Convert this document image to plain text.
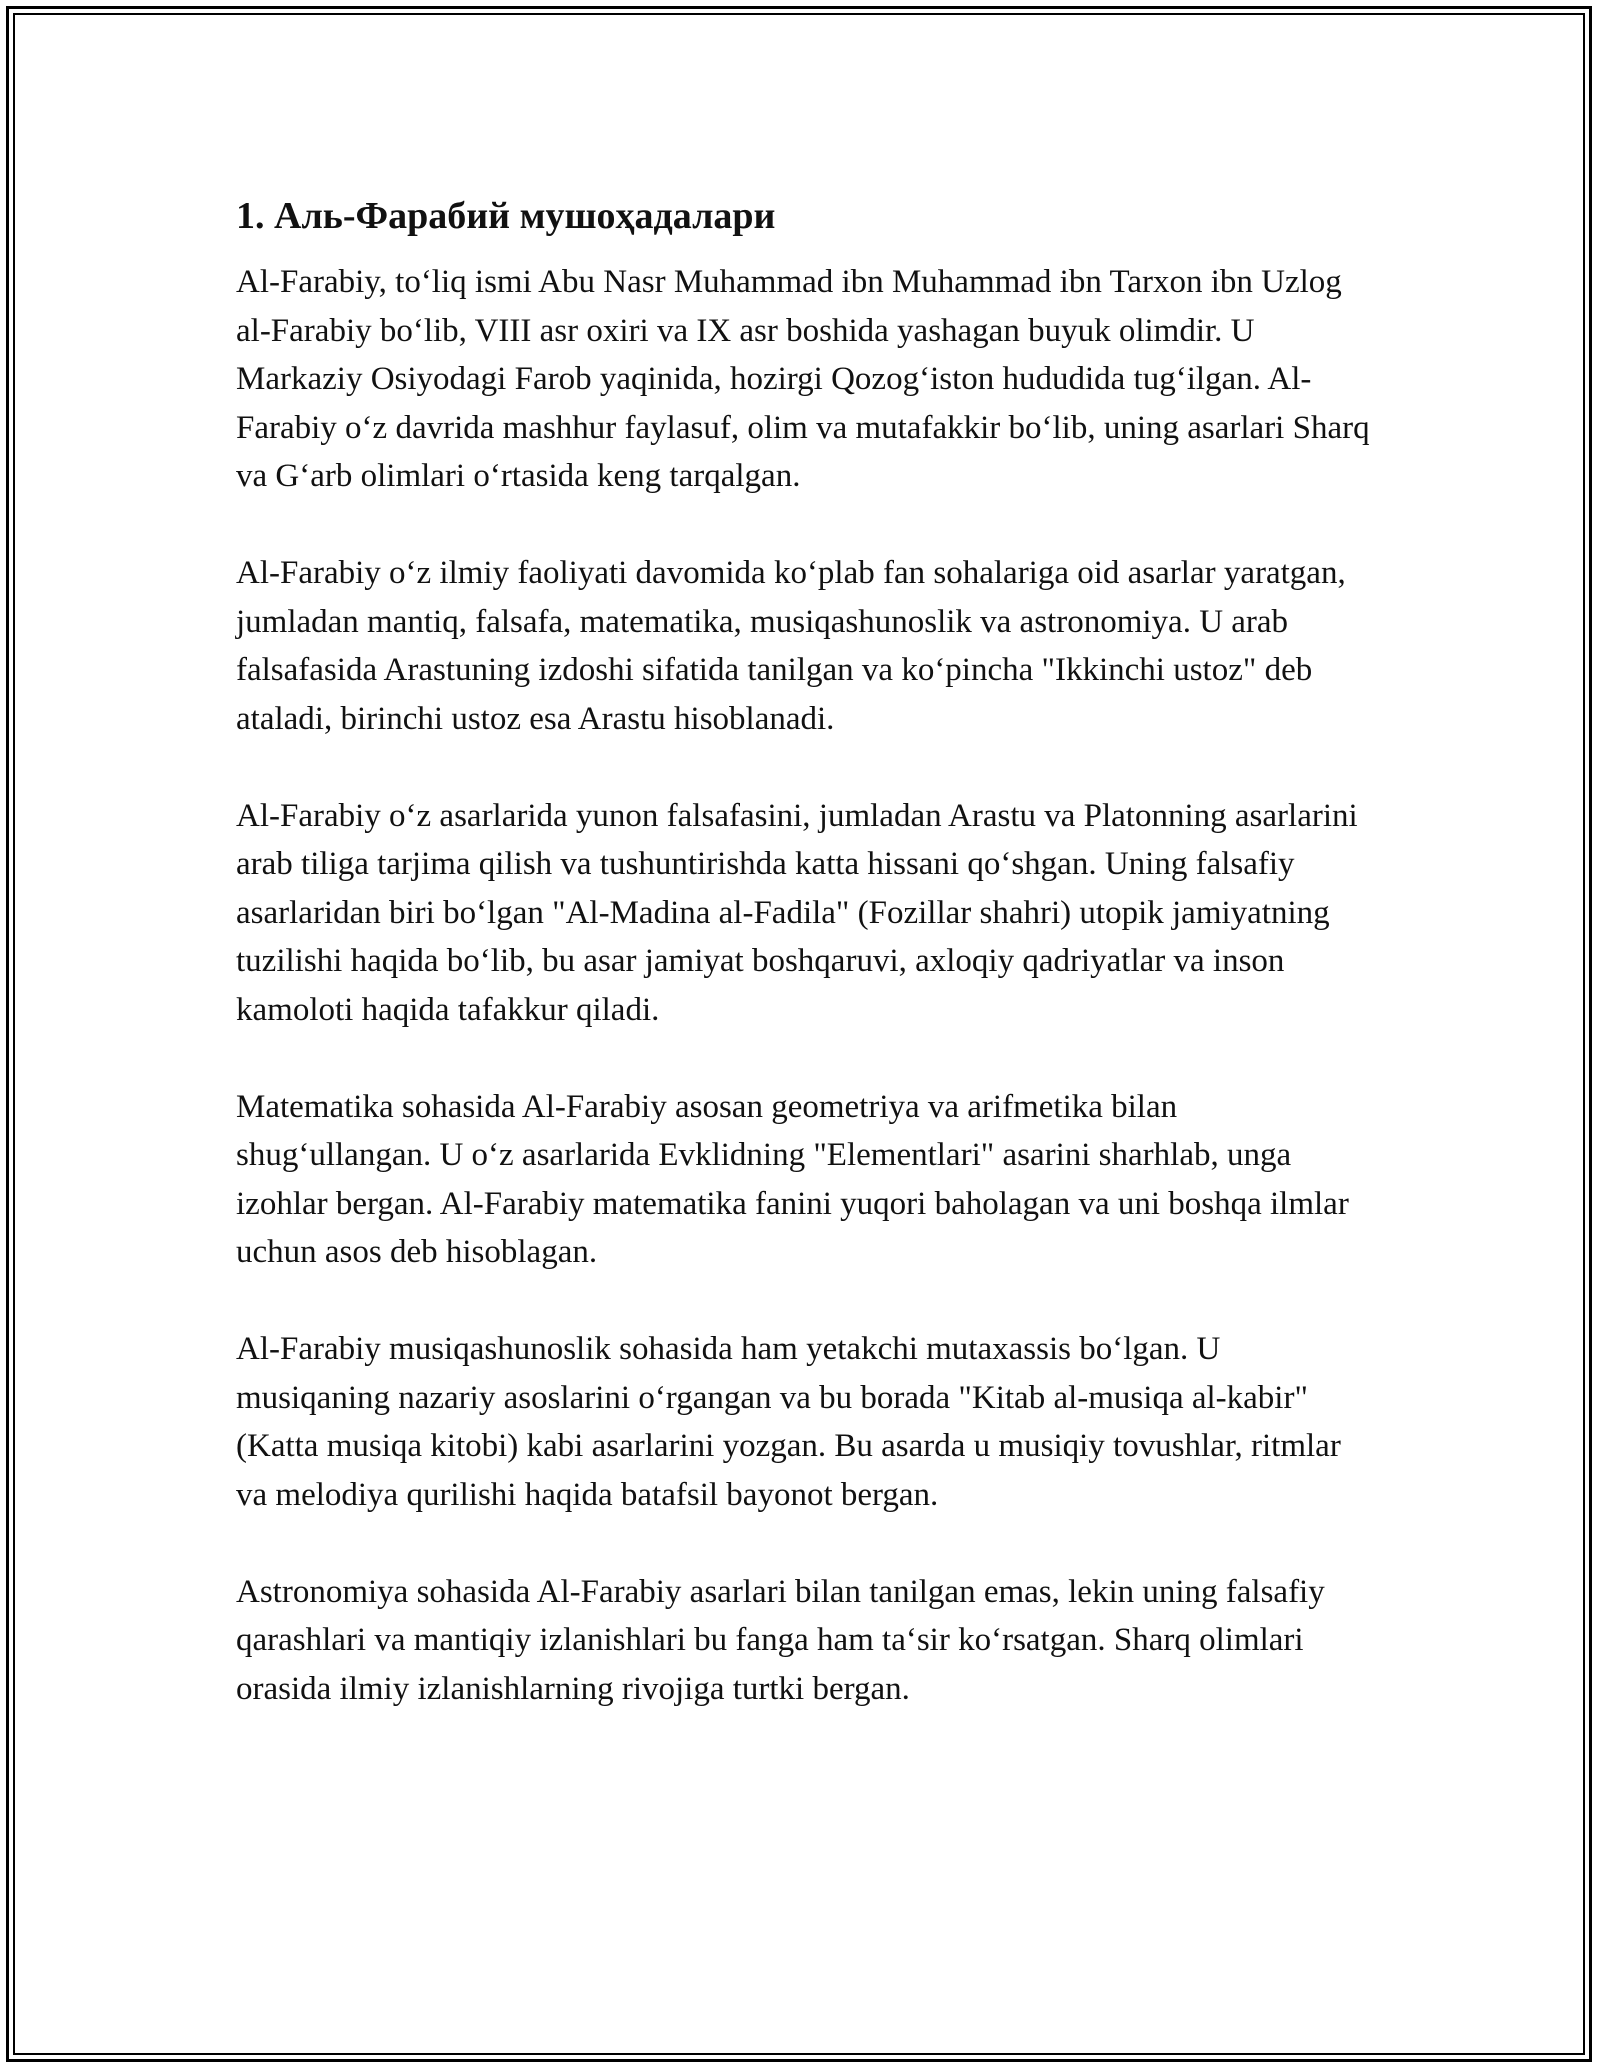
1. Аль-Фарабий мушоҳадалари

Al-Farabiy, to‘liq ismi Abu Nasr Muhammad ibn Muhammad ibn Tarxon ibn Uzlog al-Farabiy bo‘lib, VIII asr oxiri va IX asr boshida yashagan buyuk olimdir. U Markaziy Osiyodagi Farob yaqinida, hozirgi Qozog‘iston hududida tug‘ilgan. Al-Farabiy o‘z davrida mashhur faylasuf, olim va mutafakkir bo‘lib, uning asarlari Sharq va G‘arb olimlari o‘rtasida keng tarqalgan.

Al-Farabiy o‘z ilmiy faoliyati davomida ko‘plab fan sohalariga oid asarlar yaratgan, jumladan mantiq, falsafa, matematika, musiqashunoslik va astronomiya. U arab falsafasida Arastuning izdoshi sifatida tanilgan va ko‘pincha "Ikkinchi ustoz" deb ataladi, birinchi ustoz esa Arastu hisoblanadi.

Al-Farabiy o‘z asarlarida yunon falsafasini, jumladan Arastu va Platonning asarlarini arab tiliga tarjima qilish va tushuntirishda katta hissani qo‘shgan. Uning falsafiy asarlaridan biri bo‘lgan "Al-Madina al-Fadila" (Fozillar shahri) utopik jamiyatning tuzilishi haqida bo‘lib, bu asar jamiyat boshqaruvi, axloqiy qadriyatlar va inson kamoloti haqida tafakkur qiladi.

Matematika sohasida Al-Farabiy asosan geometriya va arifmetika bilan shug‘ullangan. U o‘z asarlarida Evklidning "Elementlari" asarini sharhlab, unga izohlar bergan. Al-Farabiy matematika fanini yuqori baholagan va uni boshqa ilmlar uchun asos deb hisoblagan.

Al-Farabiy musiqashunoslik sohasida ham yetakchi mutaxassis bo‘lgan. U musiqaning nazariy asoslarini o‘rgangan va bu borada "Kitab al-musiqa al-kabir" (Katta musiqa kitobi) kabi asarlarini yozgan. Bu asarda u musiqiy tovushlar, ritmlar va melodiya qurilishi haqida batafsil bayonot bergan.

Astronomiya sohasida Al-Farabiy asarlari bilan tanilgan emas, lekin uning falsafiy qarashlari va mantiqiy izlanishlari bu fanga ham ta‘sir ko‘rsatgan. Sharq olimlari orasida ilmiy izlanishlarning rivojiga turtki bergan.
